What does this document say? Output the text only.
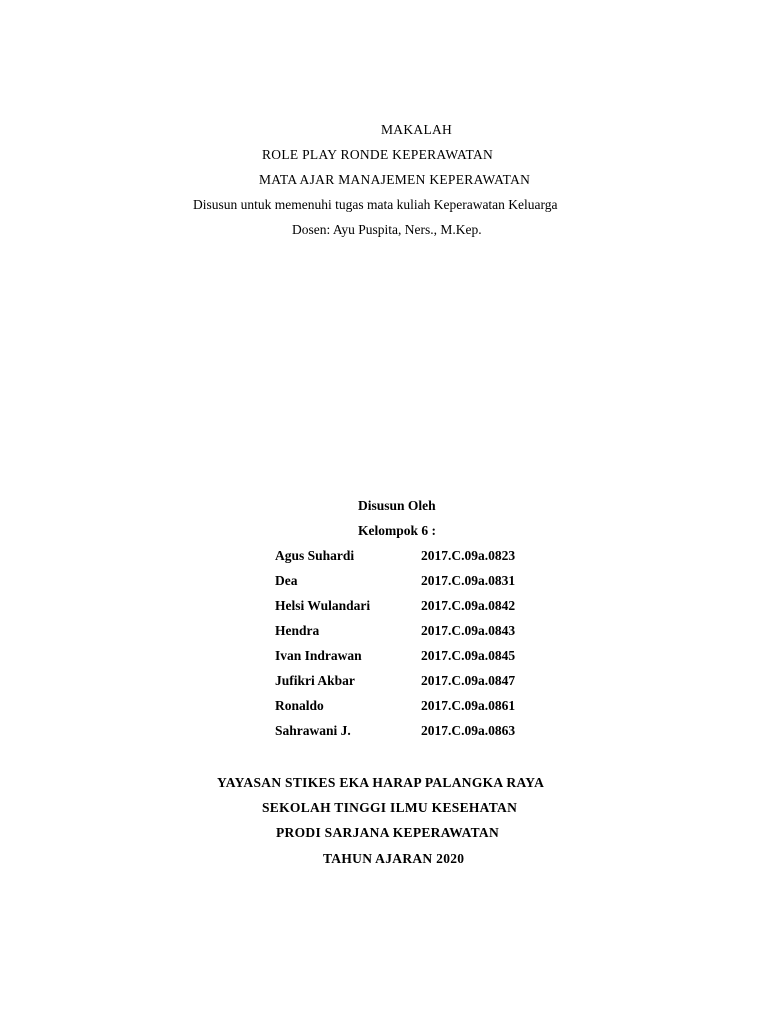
MAKALAH
ROLE PLAY RONDE KEPERAWATAN
MATA AJAR MANAJEMEN KEPERAWATAN
Disusun untuk memenuhi tugas mata kuliah Keperawatan Keluarga
Dosen: Ayu Puspita, Ners., M.Kep.
Disusun Oleh
Kelompok 6 :
Agus Suhardi	2017.C.09a.0823
Dea	2017.C.09a.0831
Helsi Wulandari	2017.C.09a.0842
Hendra	2017.C.09a.0843
Ivan Indrawan	2017.C.09a.0845
Jufikri Akbar	2017.C.09a.0847
Ronaldo	2017.C.09a.0861
Sahrawani J.	2017.C.09a.0863
YAYASAN STIKES EKA HARAP PALANGKA RAYA
SEKOLAH TINGGI ILMU KESEHATAN
PRODI SARJANA KEPERAWATAN
TAHUN AJARAN 2020
